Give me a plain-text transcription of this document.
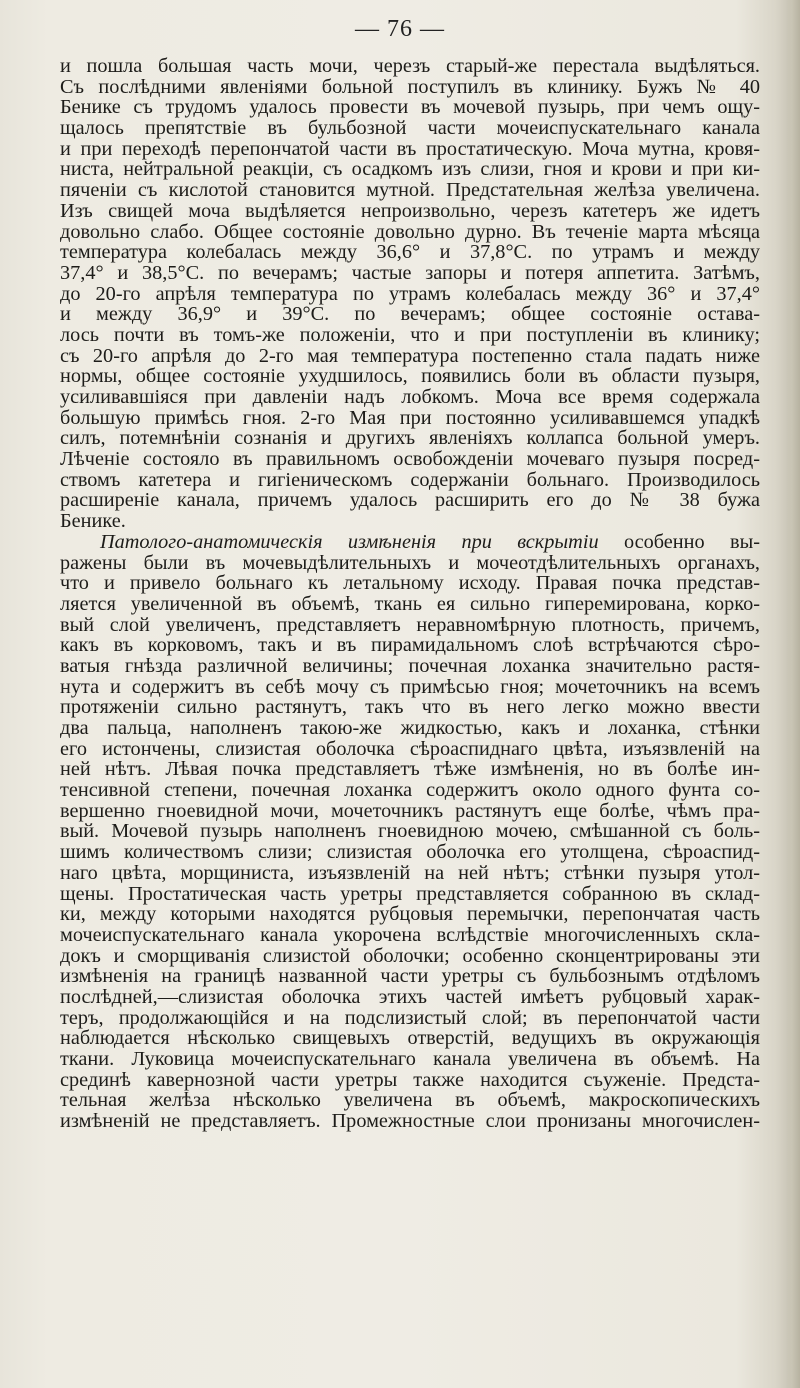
— 76 —
и пошла большая часть мочи, черезъ старый-же перестала выдѣляться.
Съ послѣдними явленіями больной поступилъ въ клинику. Бужъ № 40
Бенике съ трудомъ удалось провести въ мочевой пузырь, при чемъ ощу-
щалось препятствіе въ бульбозной части мочеиспускательнаго канала
и при переходѣ перепончатой части въ простатическую. Моча мутна, кровя-
ниста, нейтральной реакціи, съ осадкомъ изъ слизи, гноя и крови и при ки-
пяченіи съ кислотой становится мутной. Предстательная желѣза увеличена.
Изъ свищей моча выдѣляется непроизвольно, черезъ катетеръ же идетъ
довольно слабо. Общее состояніе довольно дурно. Въ теченіе марта мѣсяца
температура колебалась между 36,6° и 37,8°С. по утрамъ и между
37,4° и 38,5°С. по вечерамъ; частые запоры и потеря аппетита. Затѣмъ,
до 20-го апрѣля температура по утрамъ колебалась между 36° и 37,4°
и между 36,9° и 39°С. по вечерамъ; общее состояніе остава-
лось почти въ томъ-же положеніи, что и при поступленіи въ клинику;
съ 20-го апрѣля до 2-го мая температура постепенно стала падать ниже
нормы, общее состояніе ухудшилось, появились боли въ области пузыря,
усиливавшіяся при давленіи надъ лобкомъ. Моча все время содержала
большую примѣсь гноя. 2-го Мая при постоянно усиливавшемся упадкѣ
силъ, потемнѣніи сознанія и другихъ явленіяхъ коллапса больной умеръ.
Лѣченіе состояло въ правильномъ освобожденіи мочеваго пузыря посред-
ствомъ катетера и гигіеническомъ содержаніи больнаго. Производилось
расширеніе канала, причемъ удалось расширить его до № 38 бужа
Бенике.
Патолого-анатомическія измѣненія при вскрытіи особенно вы-
ражены были въ мочевыдѣлительныхъ и мочеотдѣлительныхъ органахъ,
что и привело больнаго къ летальному исходу. Правая почка представ-
ляется увеличенной въ объемѣ, ткань ея сильно гиперемирована, корко-
вый слой увеличенъ, представляетъ неравномѣрную плотность, причемъ,
какъ въ корковомъ, такъ и въ пирамидальномъ слоѣ встрѣчаются сѣро-
ватыя гнѣзда различной величины; почечная лоханка значительно растя-
нута и содержитъ въ себѣ мочу съ примѣсью гноя; мочеточникъ на всемъ
протяженіи сильно растянутъ, такъ что въ него легко можно ввести
два пальца, наполненъ такою-же жидкостью, какъ и лоханка, стѣнки
его истончены, слизистая оболочка сѣроаспиднаго цвѣта, изъязвленій на
ней нѣтъ. Лѣвая почка представляетъ тѣже измѣненія, но въ болѣе ин-
тенсивной степени, почечная лоханка содержитъ около одного фунта со-
вершенно гноевидной мочи, мочеточникъ растянутъ еще болѣе, чѣмъ пра-
вый. Мочевой пузырь наполненъ гноевидною мочею, смѣшанной съ боль-
шимъ количествомъ слизи; слизистая оболочка его утолщена, сѣроаспид-
наго цвѣта, морщиниста, изъязвленій на ней нѣтъ; стѣнки пузыря утол-
щены. Простатическая часть уретры представляется собранною въ склад-
ки, между которыми находятся рубцовыя перемычки, перепончатая часть
мочеиспускательнаго канала укорочена вслѣдствіе многочисленныхъ скла-
докъ и сморщиванія слизистой оболочки; особенно сконцентрированы эти
измѣненія на границѣ названной части уретры съ бульбознымъ отдѣломъ
послѣдней,—слизистая оболочка этихъ частей имѣетъ рубцовый харак-
теръ, продолжающійся и на подслизистый слой; въ перепончатой части
наблюдается нѣсколько свищевыхъ отверстій, ведущихъ въ окружающія
ткани. Луковица мочеиспускательнаго канала увеличена въ объемѣ. На
срединѣ кавернозной части уретры также находится съуженіе. Предста-
тельная желѣза нѣсколько увеличена въ объемѣ, макроскопическихъ
измѣненій не представляетъ. Промежностные слои пронизаны многочислен-
